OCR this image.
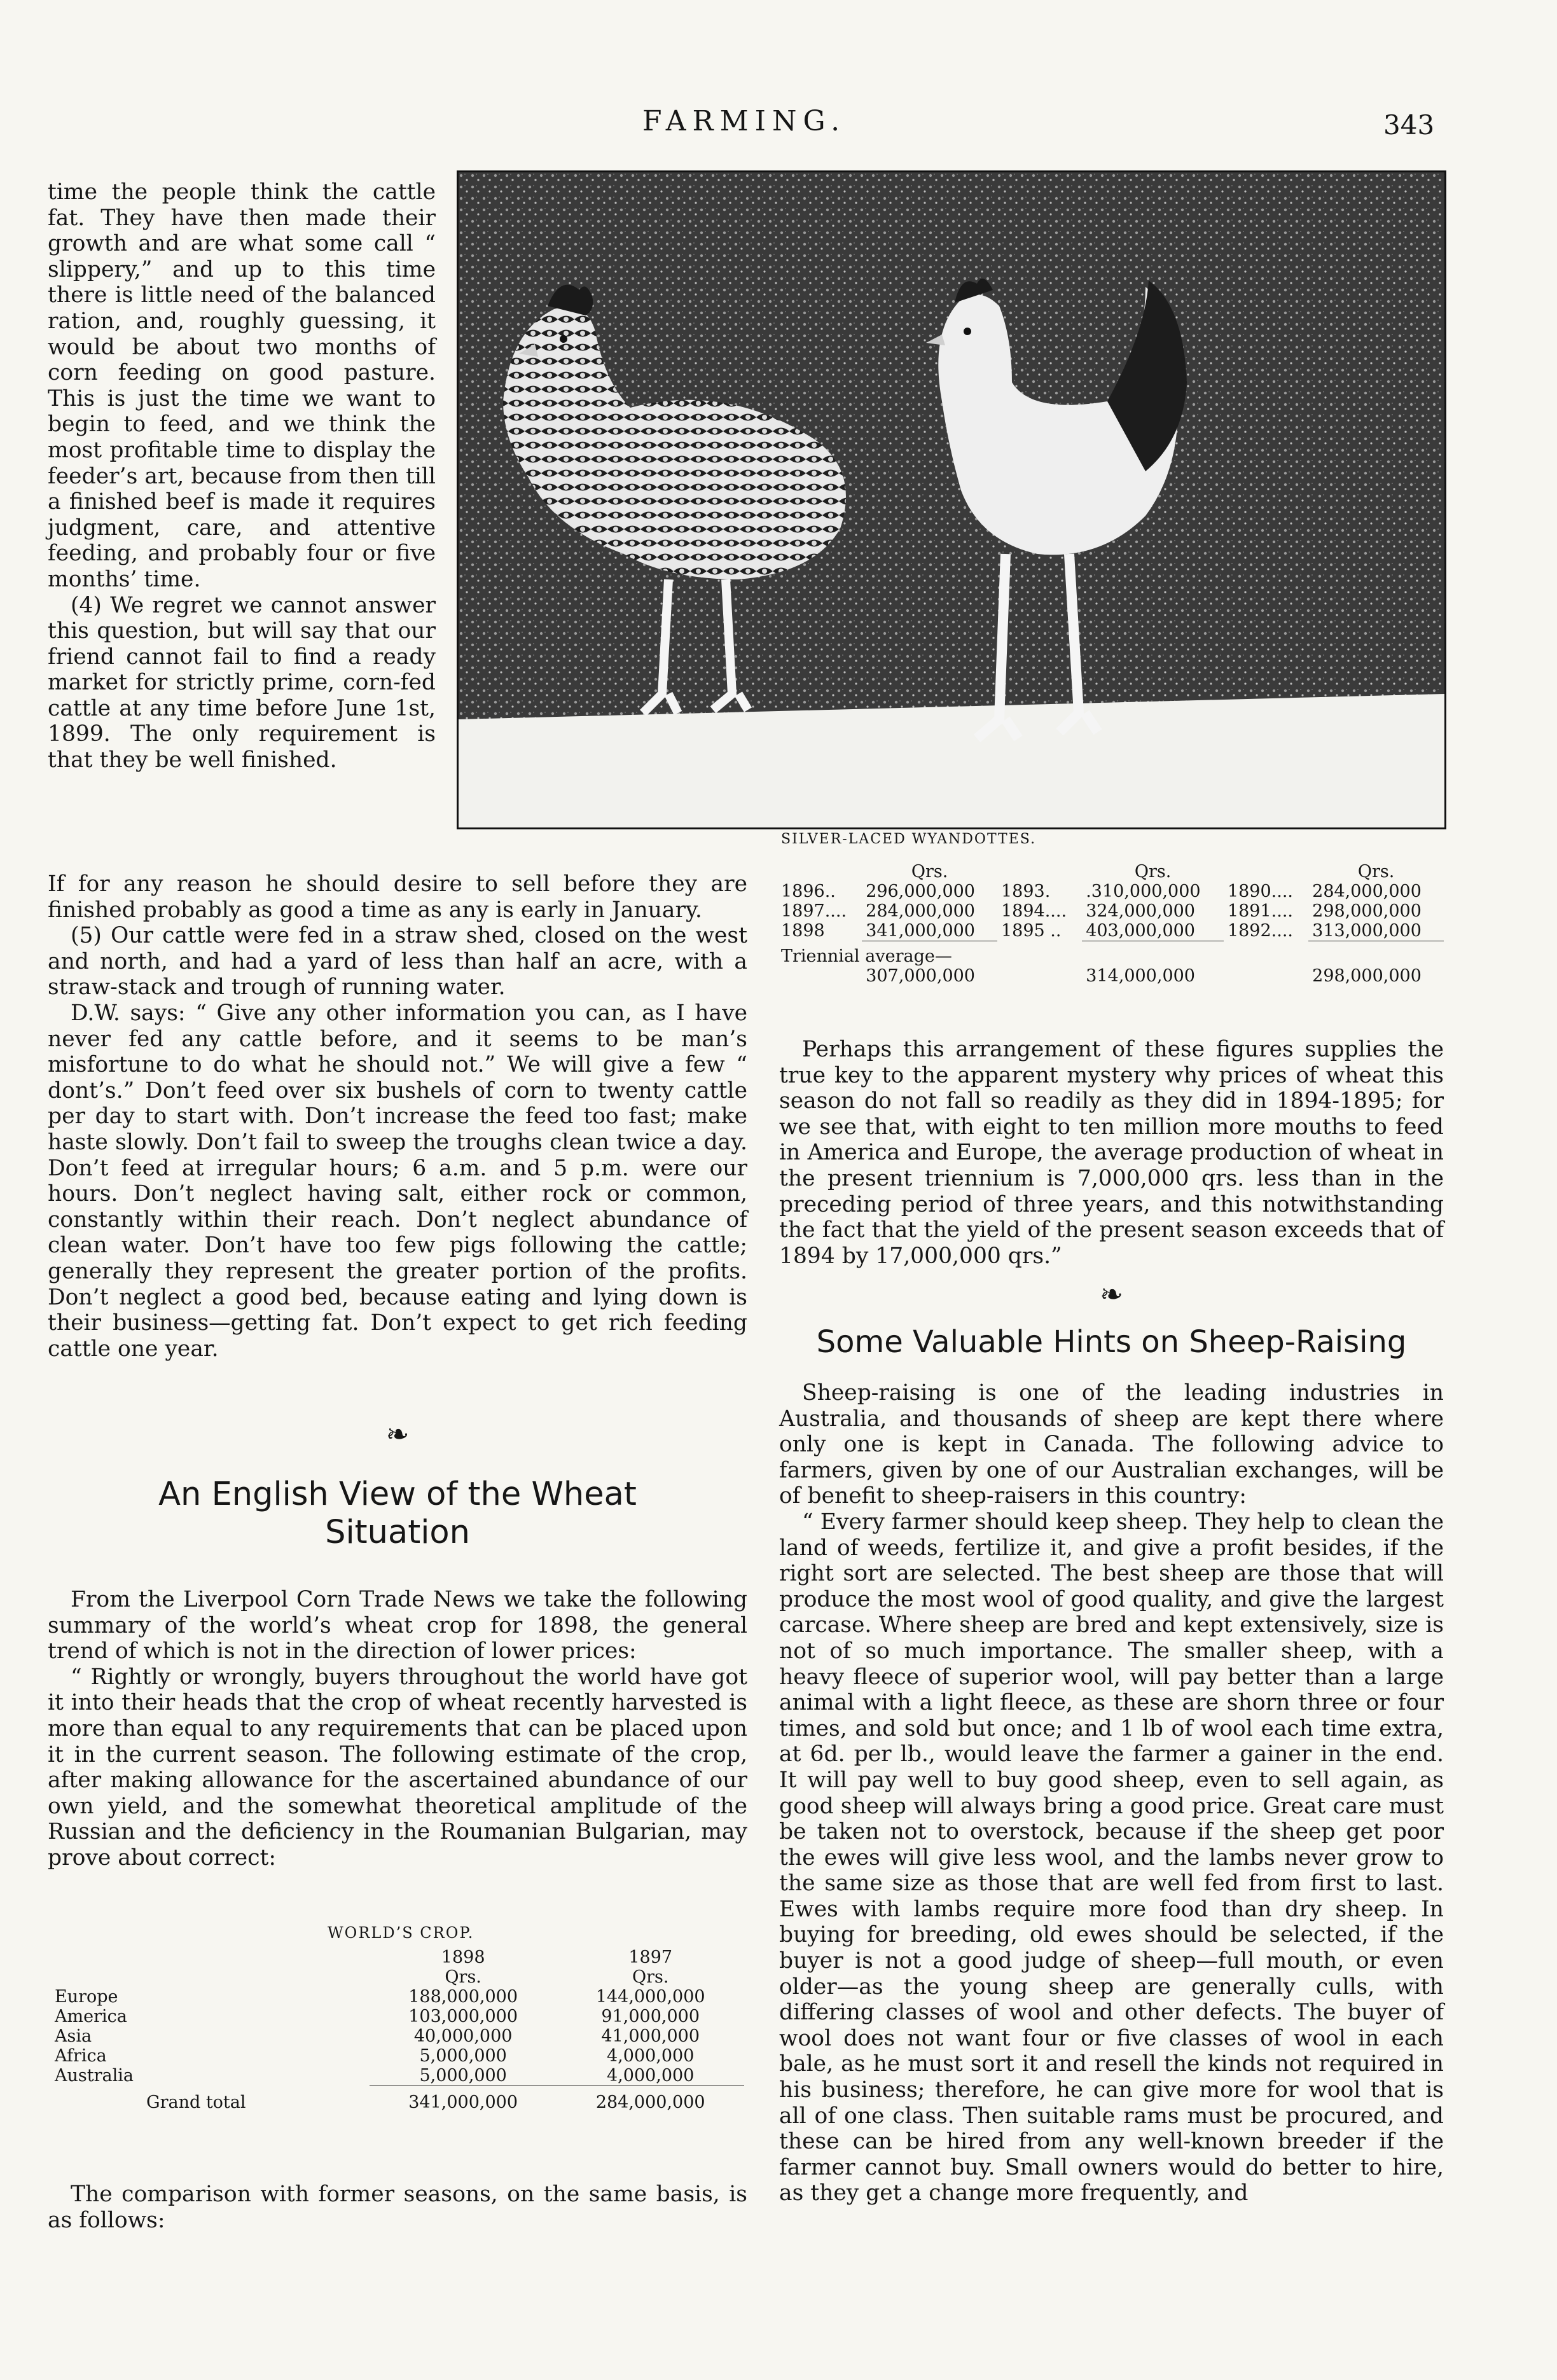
FARMING.	343
SILVER-LACED WYANDOTTES.

time the people think the cattle fat. They have then made their growth and are what some call “ slippery,” and up to this time there is little need of the balanced ration, and, roughly guessing, it would be about two months of corn feeding on good pasture. This is just the time we want to begin to feed, and we think the most profitable time to display the feeder’s art, because from then till a finished beef is made it requires judgment, care, and attentive feeding, and probably four or five months’ time.

(4) We regret we cannot answer this question, but will say that our friend cannot fail to find a ready market for strictly prime, corn-fed cattle at any time before June 1st, 1899. The only requirement is that they be well finished.

If for any reason he should desire to sell before they are finished probably as good a time as any is early in January.

(5) Our cattle were fed in a straw shed, closed on the west and north, and had a yard of less than half an acre, with a straw-stack and trough of running water.

D.W. says: “ Give any other information you can, as I have never fed any cattle before, and it seems to be man’s misfortune to do what he should not.” We will give a few “ dont’s.” Don’t feed over six bushels of corn to twenty cattle per day to start with. Don’t increase the feed too fast; make haste slowly. Don’t fail to sweep the troughs clean twice a day. Don’t feed at irregular hours; 6 a.m. and 5 p.m. were our hours. Don’t neglect having salt, either rock or common, constantly within their reach. Don’t neglect abundance of clean water. Don’t have too few pigs following the cattle; generally they represent the greater portion of the profits. Don’t neglect a good bed, because eating and lying down is their business—getting fat. Don’t expect to get rich feeding cattle one year.

❧
An English View of the Wheat
Situation

From the Liverpool Corn Trade News we take the following summary of the world’s wheat crop for 1898, the general trend of which is not in the direction of lower prices:

“ Rightly or wrongly, buyers throughout the world have got it into their heads that the crop of wheat recently harvested is more than equal to any requirements that can be placed upon it in the current season. The following estimate of the crop, after making allowance for the ascertained abundance of our own yield, and the somewhat theoretical amplitude of the Russian and the deficiency in the Roumanian Bulgarian, may prove about correct:

WORLD’S CROP.
	1898	1897
	Qrs.	Qrs.
Europe	188,000,000	144,000,000
America	103,000,000	91,000,000
Asia	40,000,000	41,000,000
Africa	5,000,000	4,000,000
Australia	5,000,000	4,000,000
Grand total	341,000,000	284,000,000

The comparison with former seasons, on the same basis, is as follows:

	Qrs.		Qrs.		Qrs.
1896..	296,000,000	1893.	.310,000,000	1890....	284,000,000
1897....	284,000,000	1894....	324,000,000	1891....	298,000,000
1898	341,000,000	1895 ..	403,000,000	1892....	313,000,000
Triennial average—					
	307,000,000		314,000,000		298,000,000

Perhaps this arrangement of these figures supplies the true key to the apparent mystery why prices of wheat this season do not fall so readily as they did in 1894-1895; for we see that, with eight to ten million more mouths to feed in America and Europe, the average production of wheat in the present triennium is 7,000,000 qrs. less than in the preceding period of three years, and this notwithstanding the fact that the yield of the present season exceeds that of 1894 by 17,000,000 qrs.”

❧
Some Valuable Hints on Sheep-Raising

Sheep-raising is one of the leading industries in Australia, and thousands of sheep are kept there where only one is kept in Canada. The following advice to farmers, given by one of our Australian exchanges, will be of benefit to sheep-raisers in this country:

“ Every farmer should keep sheep. They help to clean the land of weeds, fertilize it, and give a profit besides, if the right sort are selected. The best sheep are those that will produce the most wool of good quality, and give the largest carcase. Where sheep are bred and kept extensively, size is not of so much importance. The smaller sheep, with a heavy fleece of superior wool, will pay better than a large animal with a light fleece, as these are shorn three or four times, and sold but once; and 1 lb of wool each time extra, at 6d. per lb., would leave the farmer a gainer in the end. It will pay well to buy good sheep, even to sell again, as good sheep will always bring a good price. Great care must be taken not to overstock, because if the sheep get poor the ewes will give less wool, and the lambs never grow to the same size as those that are well fed from first to last. Ewes with lambs require more food than dry sheep. In buying for breeding, old ewes should be selected, if the buyer is not a good judge of sheep—full mouth, or even older—as the young sheep are generally culls, with differing classes of wool and other defects. The buyer of wool does not want four or five classes of wool in each bale, as he must sort it and resell the kinds not required in his business; therefore, he can give more for wool that is all of one class. Then suitable rams must be procured, and these can be hired from any well-known breeder if the farmer cannot buy. Small owners would do better to hire, as they get a change more frequently, and
